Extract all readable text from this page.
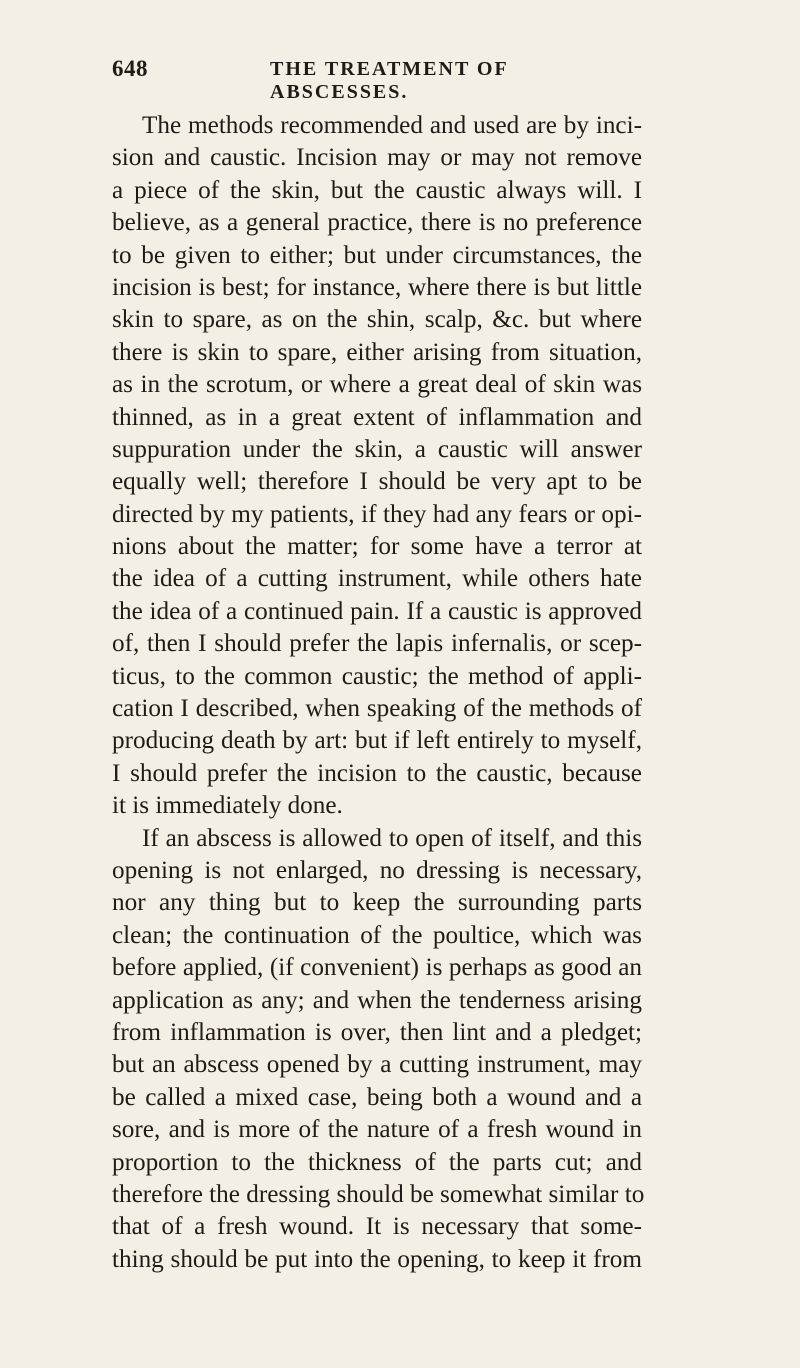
648	THE TREATMENT OF ABSCESSES.
The methods recommended and used are by inci-
sion and caustic. Incision may or may not remove
a piece of the skin, but the caustic always will. I
believe, as a general practice, there is no preference
to be given to either; but under circumstances, the
incision is best; for instance, where there is but little
skin to spare, as on the shin, scalp, &c. but where
there is skin to spare, either arising from situation,
as in the scrotum, or where a great deal of skin was
thinned, as in a great extent of inflammation and
suppuration under the skin, a caustic will answer
equally well; therefore I should be very apt to be
directed by my patients, if they had any fears or opi-
nions about the matter; for some have a terror at
the idea of a cutting instrument, while others hate
the idea of a continued pain. If a caustic is approved
of, then I should prefer the lapis infernalis, or scep-
ticus, to the common caustic; the method of appli-
cation I described, when speaking of the methods of
producing death by art: but if left entirely to myself,
I should prefer the incision to the caustic, because
it is immediately done.
If an abscess is allowed to open of itself, and this
opening is not enlarged, no dressing is necessary,
nor any thing but to keep the surrounding parts
clean; the continuation of the poultice, which was
before applied, (if convenient) is perhaps as good an
application as any; and when the tenderness arising
from inflammation is over, then lint and a pledget;
but an abscess opened by a cutting instrument, may
be called a mixed case, being both a wound and a
sore, and is more of the nature of a fresh wound in
proportion to the thickness of the parts cut; and
therefore the dressing should be somewhat similar to
that of a fresh wound. It is necessary that some-
thing should be put into the opening, to keep it from
